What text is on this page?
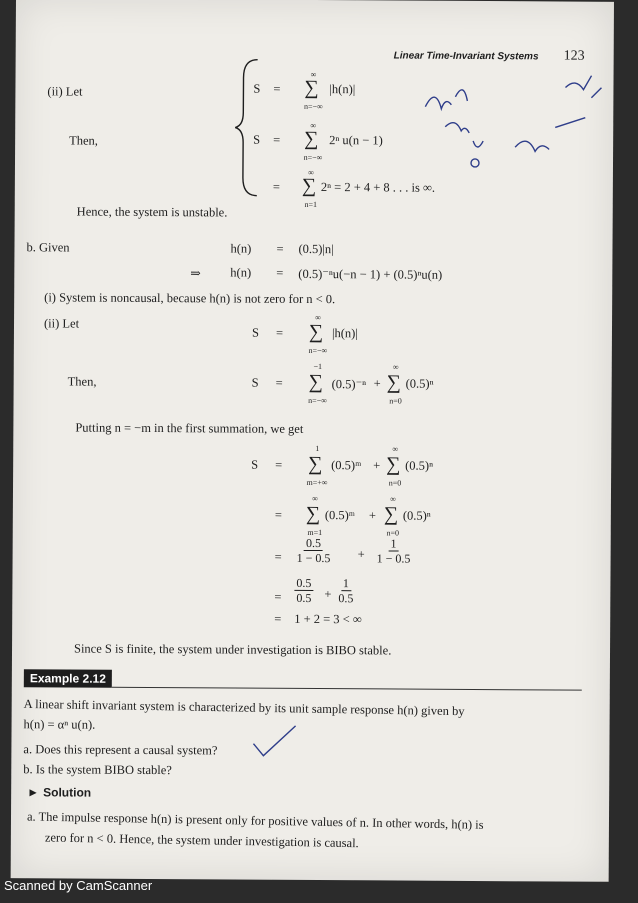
Linear Time-Invariant Systems 123
(ii) Let	S =
∞
∑
n=−∞
|h(n)|
Then,	S =
∞
∑
n=−∞
2ⁿ u(n − 1)
=
∞
∑
n=1
2ⁿ = 2 + 4 + 8 . . . is ∞.
Hence, the system is unstable.
b. Given	h(n) = (0.5)|n|
⇒ h(n) = (0.5)⁻ⁿu(−n − 1) + (0.5)ⁿu(n)
(i) System is noncausal, because h(n) is not zero for n < 0.
(ii) Let
S =
∞
∑
n=−∞
|h(n)|
Then,	S =
−1
∑
n=−∞
(0.5)⁻ⁿ +
∞
∑
n=0
(0.5)ⁿ
Putting n = −m in the first summation, we get
S =
1
∑
m=+∞
(0.5)ᵐ +
∞
∑
n=0
(0.5)ⁿ
=
∞
∑
m=1
(0.5)ᵐ +
∞
∑
n=0
(0.5)ⁿ
= $\frac{0.5}{1 - 0.5} + \frac{1}{1 - 0.5}$
= $\frac{0.5}{0.5} + \frac{1}{0.5}$
= 1 + 2 = 3 < ∞
Since S is finite, the system under investigation is BIBO stable.
Example 2.12
A linear shift invariant system is characterized by its unit sample response h(n) given by
h(n) = αⁿ u(n).
a. Does this represent a causal system?
b. Is the system BIBO stable?
► Solution
a. The impulse response h(n) is present only for positive values of n. In other words, h(n) is
zero for n < 0. Hence, the system under investigation is causal.
Scanned by CamScanner
